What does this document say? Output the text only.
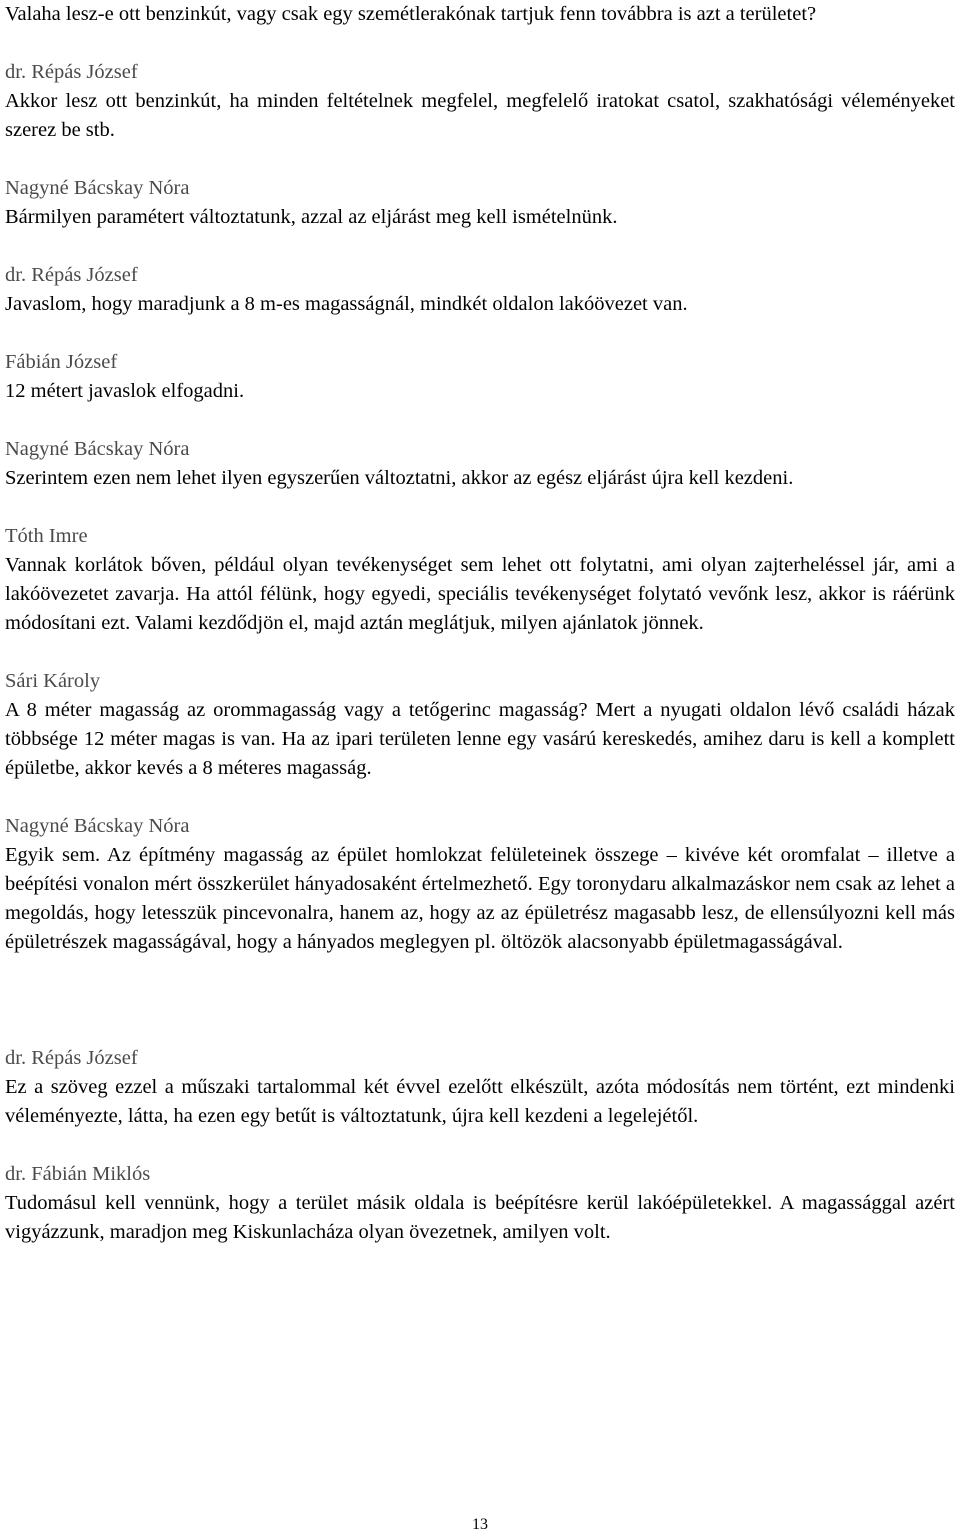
Valaha lesz-e ott benzinkút, vagy csak egy szemétlerakónak tartjuk fenn továbbra is azt a területet?
dr. Répás József
Akkor lesz ott benzinkút, ha minden feltételnek megfelel, megfelelő iratokat csatol, szakhatósági véleményeket szerez be stb.
Nagyné Bácskay Nóra
Bármilyen paramétert változtatunk, azzal az eljárást meg kell ismételnünk.
dr. Répás József
Javaslom, hogy maradjunk a 8 m-es magasságnál, mindkét oldalon lakóövezet van.
Fábián József
12 métert javaslok elfogadni.
Nagyné Bácskay Nóra
Szerintem ezen nem lehet ilyen egyszerűen változtatni, akkor az egész eljárást újra kell kezdeni.
Tóth Imre
Vannak korlátok bőven, például olyan tevékenységet sem lehet ott folytatni, ami olyan zajterheléssel jár, ami a lakóövezetet zavarja. Ha attól félünk, hogy egyedi, speciális tevékenységet folytató vevőnk lesz, akkor is ráérünk módosítani ezt. Valami kezdődjön el, majd aztán meglátjuk, milyen ajánlatok jönnek.
Sári Károly
A 8 méter magasság az orommagasság vagy a tetőgerinc magasság? Mert a nyugati oldalon lévő családi házak többsége 12 méter magas is van. Ha az ipari területen lenne egy vasárú kereskedés, amihez daru is kell a komplett épületbe, akkor kevés a 8 méteres magasság.
Nagyné Bácskay Nóra
Egyik sem. Az építmény magasság az épület homlokzat felületeinek összege – kivéve két oromfalat – illetve a beépítési vonalon mért összkerület hányadosaként értelmezhető. Egy toronydaru alkalmazáskor nem csak az lehet a megoldás, hogy letesszük pincevonalra, hanem az, hogy az az épületrész magasabb lesz, de ellensúlyozni kell más épületrészek magasságával, hogy a hányados meglegyen pl. öltözök alacsonyabb épületmagasságával.
dr. Répás József
Ez a szöveg ezzel a műszaki tartalommal két évvel ezelőtt elkészült, azóta módosítás nem történt, ezt mindenki véleményezte, látta, ha ezen egy betűt is változtatunk, újra kell kezdeni a legelejétől.
dr. Fábián Miklós
Tudomásul kell vennünk, hogy a terület másik oldala is beépítésre kerül lakóépületekkel. A magassággal azért vigyázzunk, maradjon meg Kiskunlacháza olyan övezetnek, amilyen volt.
13
